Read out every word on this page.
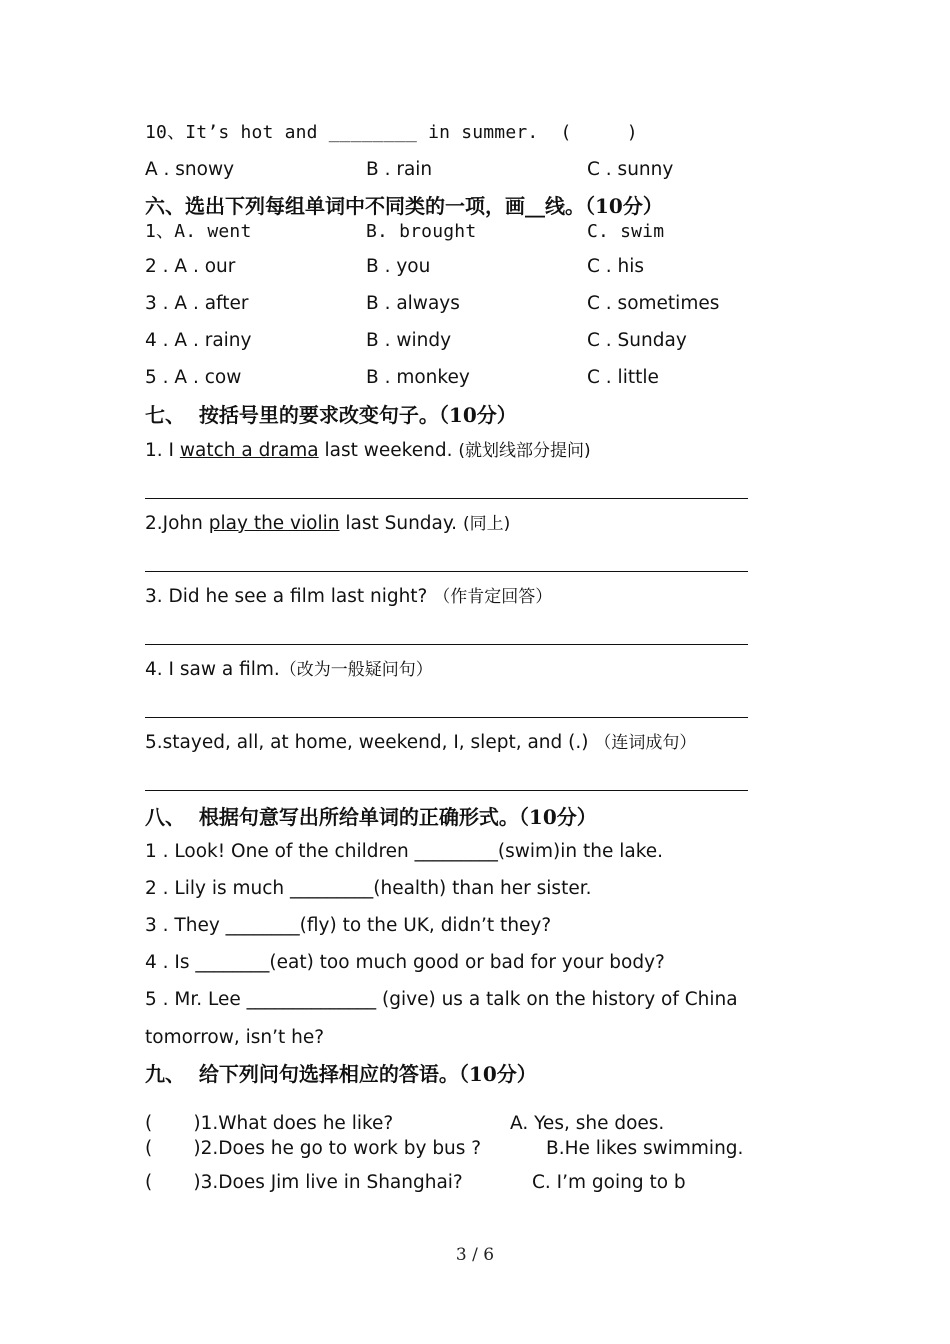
10、It’s hot and ________ in summer.  (     )
A . snowy	B . rain	C . sunny
六、选出下列每组单词中不同类的一项，画__线。（10分）
1、A. went	B. brought	C. swim
2 . A . our	B . you	C . his
3 . A . after	B . always	C . sometimes
4 . A . rainy	B . windy	C . Sunday
5 . A . cow	B . monkey	C . little
七、  按括号里的要求改变句子。（10分）
1. I watch a drama last weekend. (就划线部分提问)
2.John play the violin last Sunday. (同上)
3. Did he see a film last night? （作肯定回答）
4. I saw a film.（改为一般疑问句）
5.stayed, all, at home, weekend, I, slept, and (.) （连词成句）
八、  根据句意写出所给单词的正确形式。（10分）
1 . Look! One of the children _________(swim)in the lake.
2 . Lily is much _________(health) than her sister.
3 . They ________(fly) to the UK, didn’t they?
4 . Is ________(eat) too much good or bad for your body?
5 . Mr. Lee ______________ (give) us a talk on the history of China
tomorrow, isn’t he?
九、  给下列问句选择相应的答语。（10分）
(       )1.What does he like?	A. Yes, she does.
(       )2.Does he go to work by bus ?	B.He likes swimming.
(       )3.Does Jim live in Shanghai?	C. I’m going to b
3 / 6
